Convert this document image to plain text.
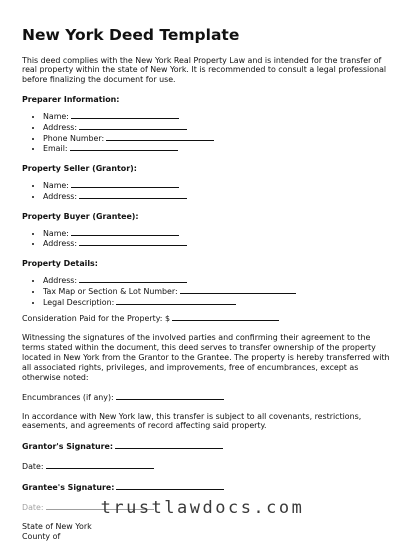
New York Deed Template

This deed complies with the New York Real Property Law and is intended for the transfer of real property within the state of New York. It is recommended to consult a legal professional before finalizing the document for use.

Preparer Information:
• Name:
• Address:
• Phone Number:
• Email:
Property Seller (Grantor):
• Name:
• Address:
Property Buyer (Grantee):
• Name:
• Address:
Property Details:
• Address:
• Tax Map or Section & Lot Number:
• Legal Description:

Consideration Paid for the Property: $

Witnessing the signatures of the involved parties and confirming their agreement to the terms stated within the document, this deed serves to transfer ownership of the property located in New York from the Grantor to the Grantee. The property is hereby transferred with all associated rights, privileges, and improvements, free of encumbrances, except as otherwise noted:

Encumbrances (if any):

In accordance with New York law, this transfer is subject to all covenants, restrictions, easements, and agreements of record affecting said property.

Grantor's Signature:
Date:
Grantee's Signature:
State of New York
County of
trustlawdocs.com
